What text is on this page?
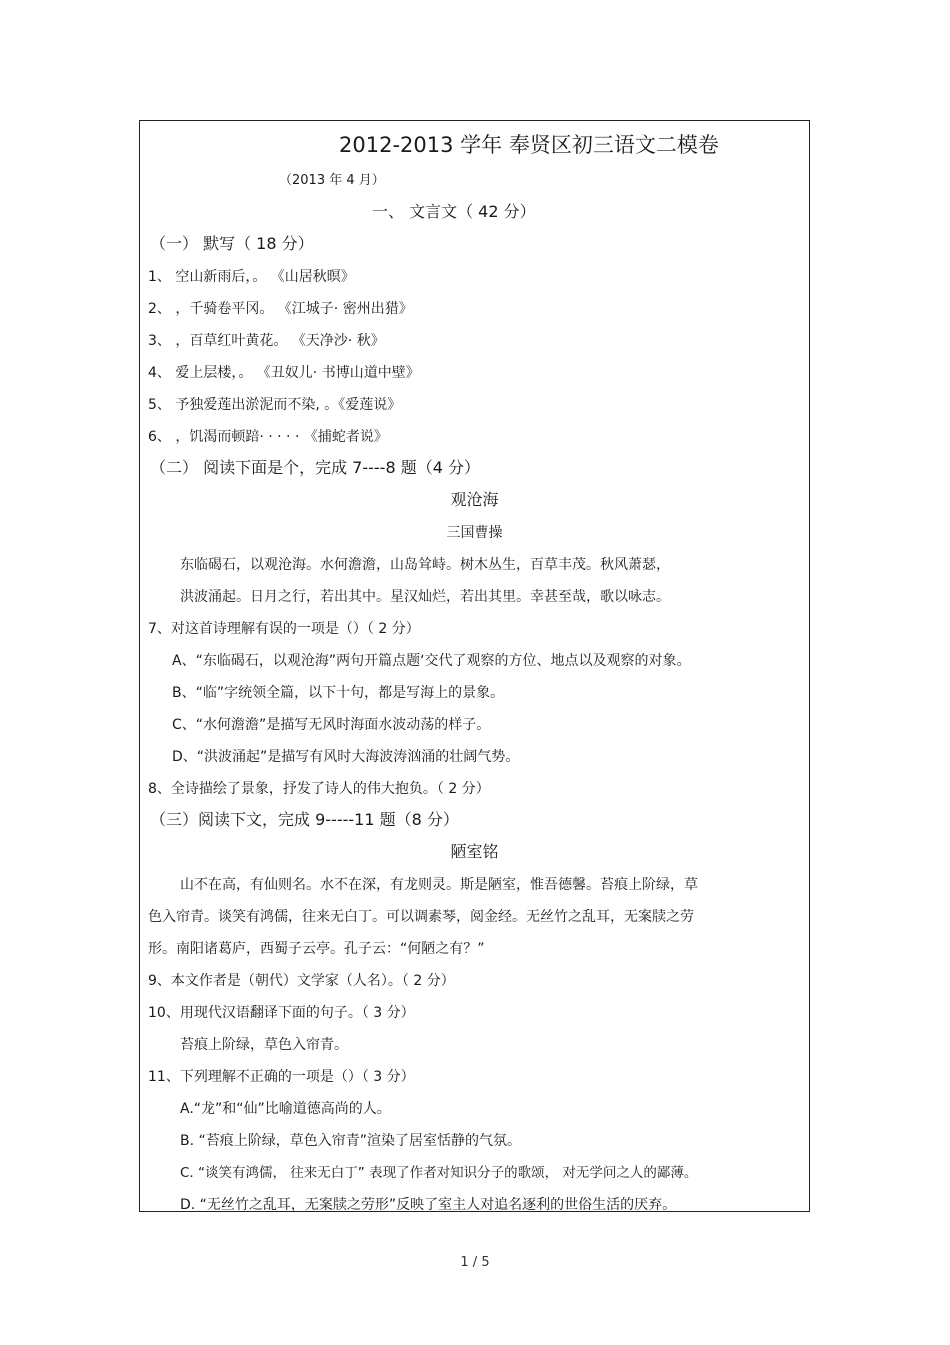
2012-2013 学年 奉贤区初三语文二模卷
（2013 年 4 月）
一、 文言文（ 42 分）
（一） 默写（ 18 分）
1、 空山新雨后，。 《山居秋暝》
2、 ，千骑卷平冈。 《江城子· 密州出猎》
3、 ，百草红叶黄花。 《天净沙· 秋》
4、 爱上层楼，。 《丑奴儿· 书博山道中壁》
5、 予独爱莲出淤泥而不染, 。《爱莲说》
6、 ，饥渴而顿踣· · · · · 《捕蛇者说》
（二） 阅读下面是个，完成 7----8 题（4 分）
观沧海
三国曹操
东临碣石，以观沧海。水何澹澹，山岛耸峙。树木丛生，百草丰茂。秋风萧瑟，
洪波涌起。日月之行，若出其中。星汉灿烂，若出其里。幸甚至哉，歌以咏志。
7、对这首诗理解有误的一项是（）（ 2 分）
A、“东临碣石，以观沧海”两句开篇点题‘交代了观察的方位、地点以及观察的对象。
B、“临”字统领全篇，以下十句，都是写海上的景象。
C、“水何澹澹”是描写无风时海面水波动荡的样子。
D、“洪波涌起”是描写有风时大海波涛汹涌的壮阔气势。
8、全诗描绘了景象，抒发了诗人的伟大抱负。（ 2 分）
（三）阅读下文，完成 9-----11 题（8 分）
陋室铭
山不在高，有仙则名。水不在深，有龙则灵。斯是陋室，惟吾德馨。苔痕上阶绿，草
色入帘青。谈笑有鸿儒，往来无白丁。可以调素琴，阅金经。无丝竹之乱耳，无案牍之劳
形。南阳诸葛庐，西蜀子云亭。孔子云：“何陋之有？”
9、本文作者是（朝代）文学家（人名）。（ 2 分）
10、用现代汉语翻译下面的句子。（ 3 分）
苔痕上阶绿，草色入帘青。
11、下列理解不正确的一项是（）（ 3 分）
A.“龙”和“仙”比喻道德高尚的人。
B. “苔痕上阶绿，草色入帘青”渲染了居室恬静的气氛。
C. “谈笑有鸿儒， 往来无白丁” 表现了作者对知识分子的歌颂， 对无学问之人的鄙薄。
D. “无丝竹之乱耳，无案牍之劳形”反映了室主人对追名逐利的世俗生活的厌弃。
1 / 5
